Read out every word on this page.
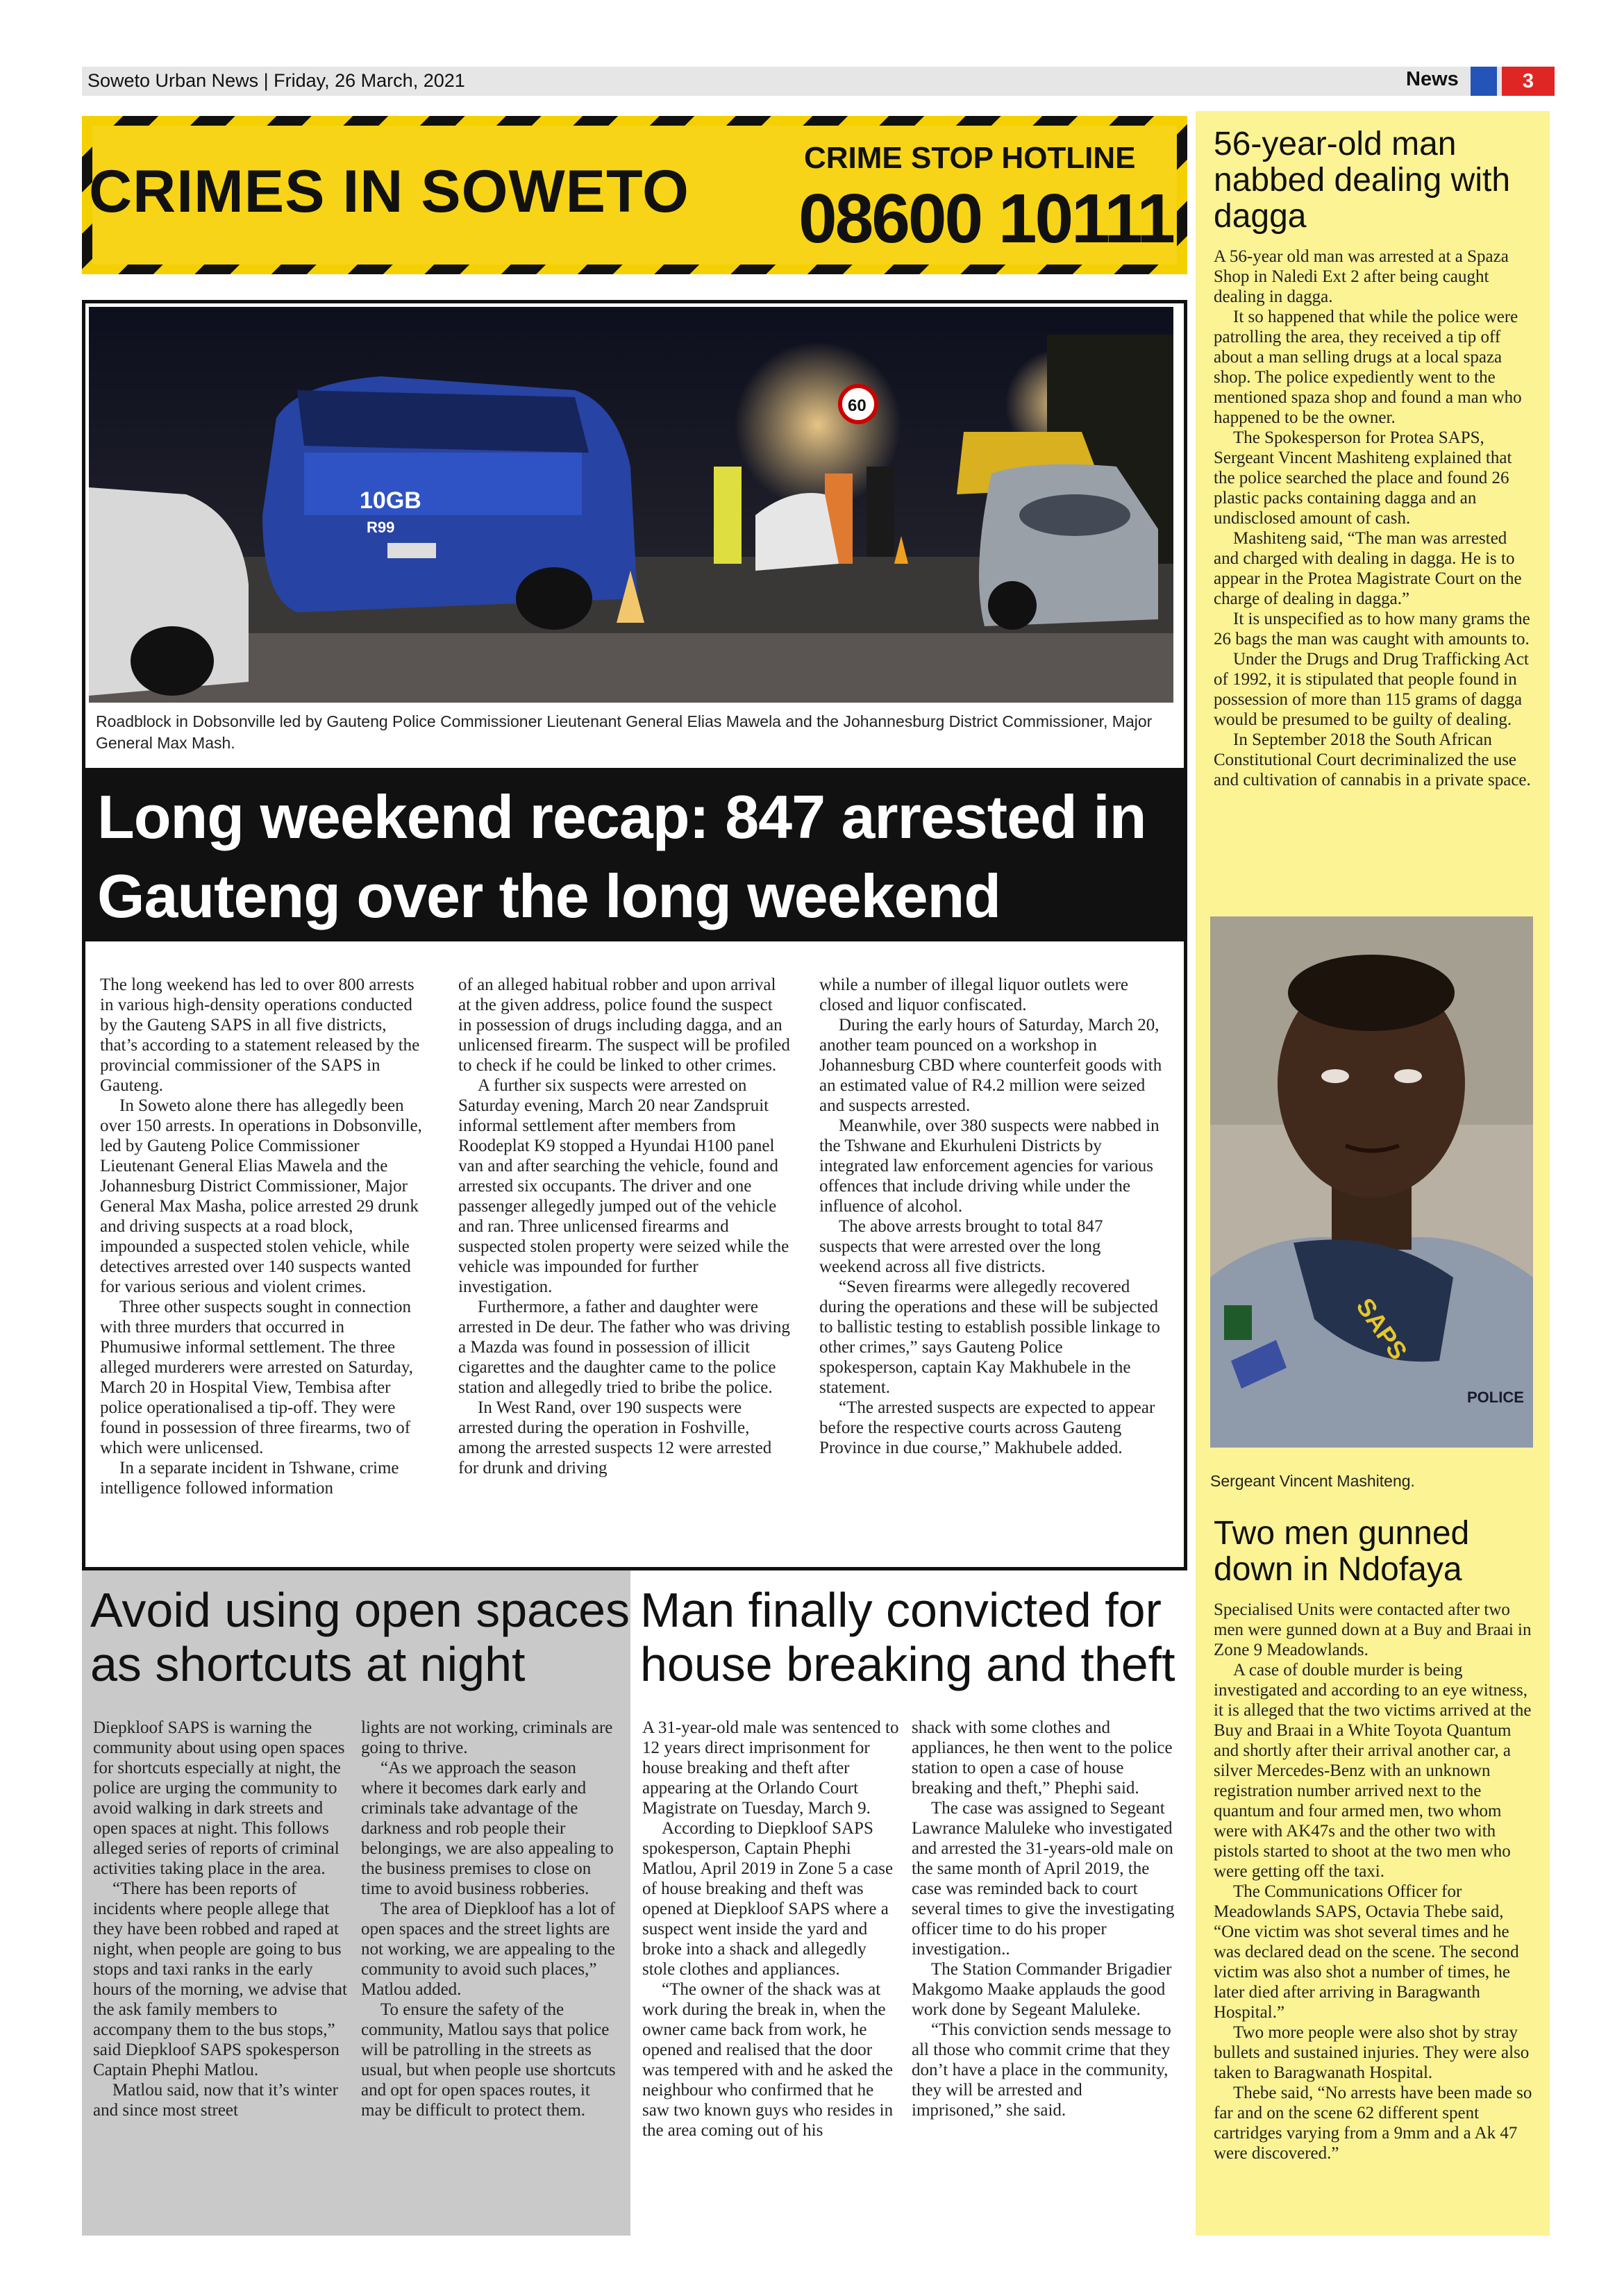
Soweto Urban News | Friday, 26 March, 2021	News	3
CRIMES IN SOWETO
CRIME STOP HOTLINE
08600 10111
10GB
R99
60
Roadblock in Dobsonville led by Gauteng Police Commissioner Lieutenant General Elias Mawela and the Johannesburg District Commissioner, Major General Max Mash.
Long weekend recap: 847 arrested in Gauteng over the long weekend

The long weekend has led to over 800 arrests in various high-density operations conducted by the Gauteng SAPS in all five districts, that’s according to a statement released by the provincial commissioner of the SAPS in Gauteng.

In Soweto alone there has allegedly been over 150 arrests. In operations in Dobsonville, led by Gauteng Police Commissioner Lieutenant General Elias Mawela and the Johannesburg District Commissioner, Major General Max Masha, police arrested 29 drunk and driving suspects at a road block, impounded a suspected stolen vehicle, while detectives arrested over 140 suspects wanted for various serious and violent crimes.

Three other suspects sought in connection with three murders that occurred in Phumusiwe informal settlement. The three alleged murderers were arrested on Saturday, March 20 in Hospital View, Tembisa after police operationalised a tip-off. They were found in possession of three firearms, two of which were unlicensed.

In a separate incident in Tshwane, crime intelligence followed information

of an alleged habitual robber and upon arrival at the given address, police found the suspect in possession of drugs including dagga, and an unlicensed firearm. The suspect will be profiled to check if he could be linked to other crimes.

A further six suspects were arrested on Saturday evening, March 20 near Zandspruit informal settlement after members from Roodeplat K9 stopped a Hyundai H100 panel van and after searching the vehicle, found and arrested six occupants. The driver and one passenger allegedly jumped out of the vehicle and ran. Three unlicensed firearms and suspected stolen property were seized while the vehicle was impounded for further investigation.

Furthermore, a father and daughter were arrested in De deur. The father who was driving a Mazda was found in possession of illicit cigarettes and the daughter came to the police station and allegedly tried to bribe the police.

In West Rand, over 190 suspects were arrested during the operation in Foshville, among the arrested suspects 12 were arrested for drunk and driving

while a number of illegal liquor outlets were closed and liquor confiscated.

During the early hours of Saturday, March 20, another team pounced on a workshop in Johannesburg CBD where counterfeit goods with an estimated value of R4.2 million were seized and suspects arrested.

Meanwhile, over 380 suspects were nabbed in the Tshwane and Ekurhuleni Districts by integrated law enforcement agencies for various offences that include driving while under the influence of alcohol.

The above arrests brought to total 847 suspects that were arrested over the long weekend across all five districts.

“Seven firearms were allegedly recovered during the operations and these will be subjected to ballistic testing to establish possible linkage to other crimes,” says Gauteng Police spokesperson, captain Kay Makhubele in the statement.

“The arrested suspects are expected to appear before the respective courts across Gauteng Province in due course,” Makhubele added.

56-year-old man nabbed dealing with dagga

A 56-year old man was arrested at a Spaza Shop in Naledi Ext 2 after being caught dealing in dagga.

It so happened that while the police were patrolling the area, they received a tip off about a man selling drugs at a local spaza shop. The police expediently went to the mentioned spaza shop and found a man who happened to be the owner.

The Spokesperson for Protea SAPS, Sergeant Vincent Mashiteng explained that the police searched the place and found 26 plastic packs containing dagga and an undisclosed amount of cash.

Mashiteng said, “The man was arrested and charged with dealing in dagga. He is to appear in the Protea Magistrate Court on the charge of dealing in dagga.”

It is unspecified as to how many grams the 26 bags the man was caught with amounts to.

Under the Drugs and Drug Trafficking Act of 1992, it is stipulated that people found in possession of more than 115 grams of dagga would be presumed to be guilty of dealing.

In September 2018 the South African Constitutional Court decriminalized the use and cultivation of cannabis in a private space.

SAPS
POLICE
Sergeant Vincent Mashiteng.
Two men gunned down in Ndofaya

Specialised Units were contacted after two men were gunned down at a Buy and Braai in Zone 9 Meadowlands.

A case of double murder is being investigated and according to an eye witness, it is alleged that the two victims arrived at the Buy and Braai in a White Toyota Quantum and shortly after their arrival another car, a silver Mercedes-Benz with an unknown registration number arrived next to the quantum and four armed men, two whom were with AK47s and the other two with pistols started to shoot at the two men who were getting off the taxi.

The Communications Officer for Meadowlands SAPS, Octavia Thebe said, “One victim was shot several times and he was declared dead on the scene. The second victim was also shot a number of times, he later died after arriving in Baragwanth Hospital.”

Two more people were also shot by stray bullets and sustained injuries. They were also taken to Baragwanath Hospital.

Thebe said, “No arrests have been made so far and on the scene 62 different spent cartridges varying from a 9mm and a Ak 47 were discovered.”

Avoid using open spaces as shortcuts at night

Diepkloof SAPS is warning the community about using open spaces for shortcuts especially at night, the police are urging the community to avoid walking in dark streets and open spaces at night. This follows alleged series of reports of criminal activities taking place in the area.

“There has been reports of incidents where people allege that they have been robbed and raped at night, when people are going to bus stops and taxi ranks in the early hours of the morning, we advise that the ask family members to accompany them to the bus stops,” said Diepkloof SAPS spokesperson Captain Phephi Matlou.

Matlou said, now that it’s winter and since most street

lights are not working, criminals are going to thrive.

“As we approach the season where it becomes dark early and criminals take advantage of the darkness and rob people their belongings, we are also appealing to the business premises to close on time to avoid business robberies.

The area of Diepkloof has a lot of open spaces and the street lights are not working, we are appealing to the community to avoid such places,” Matlou added.

To ensure the safety of the community, Matlou says that police will be patrolling in the streets as usual, but when people use shortcuts and opt for open spaces routes, it may be difficult to protect them.

Man finally convicted for house breaking and theft

A 31-year-old male was sentenced to 12 years direct imprisonment for house breaking and theft after appearing at the Orlando Court Magistrate on Tuesday, March 9.

According to Diepkloof SAPS spokesperson, Captain Phephi Matlou, April 2019 in Zone 5 a case of house breaking and theft was opened at Diepkloof SAPS where a suspect went inside the yard and broke into a shack and allegedly stole clothes and appliances.

“The owner of the shack was at work during the break in, when the owner came back from work, he opened and realised that the door was tempered with and he asked the neighbour who confirmed that he saw two known guys who resides in the area coming out of his

shack with some clothes and appliances, he then went to the police station to open a case of house breaking and theft,” Phephi said.

The case was assigned to Segeant Lawrance Maluleke who investigated and arrested the 31-years-old male on the same month of April 2019, the case was reminded back to court several times to give the investigating officer time to do his proper investigation..

The Station Commander Brigadier Makgomo Maake applauds the good work done by Segeant Maluleke.

“This conviction sends message to all those who commit crime that they don’t have a place in the community, they will be arrested and imprisoned,” she said.
